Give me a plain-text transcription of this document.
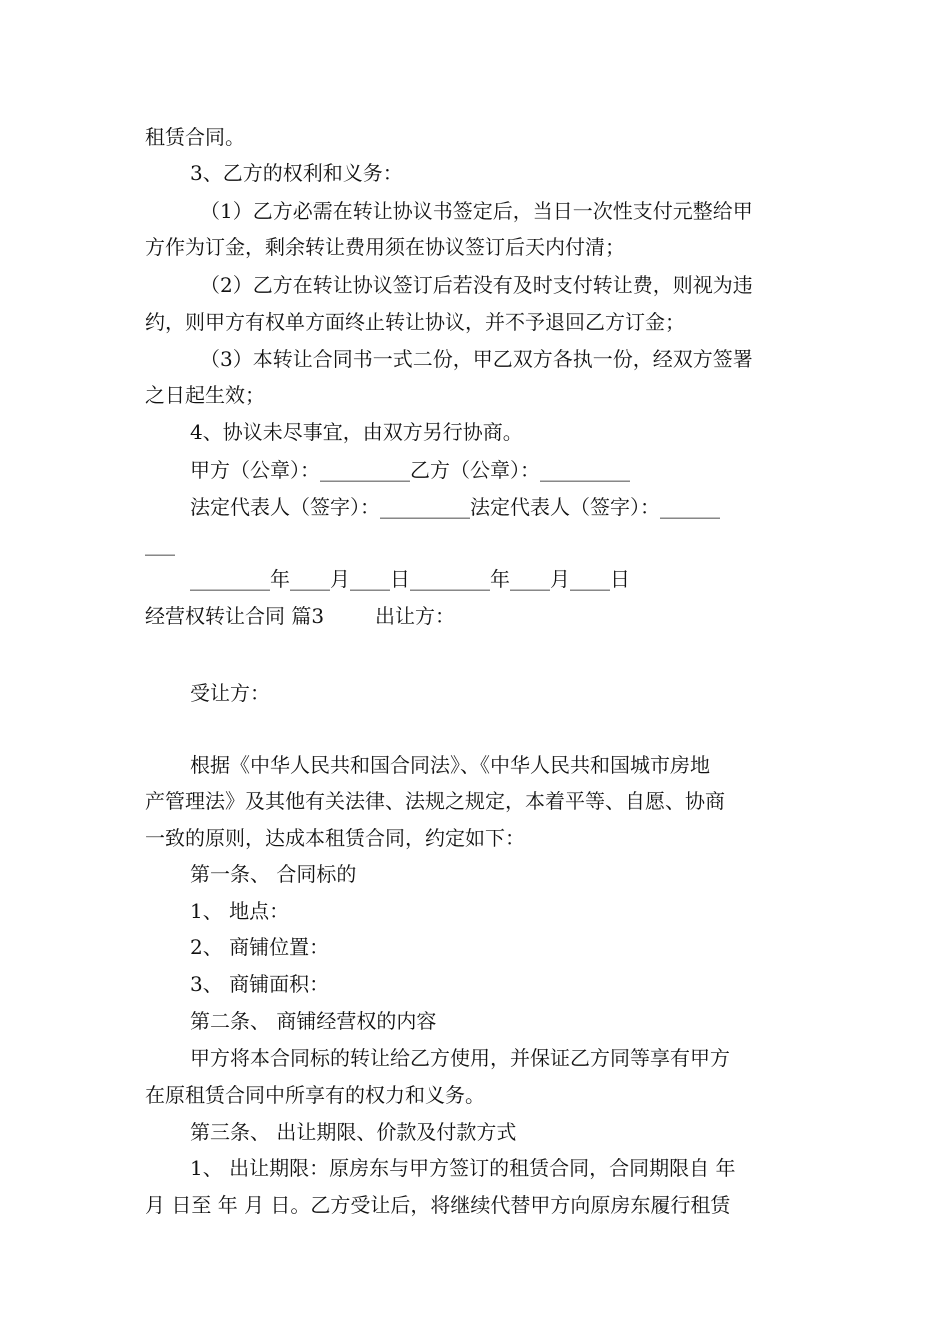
租赁合同。
3、乙方的权利和义务：
（1）乙方必需在转让协议书签定后，当日一次性支付元整给甲
方作为订金，剩余转让费用须在协议签订后天内付清；
（2）乙方在转让协议签订后若没有及时支付转让费，则视为违
约，则甲方有权单方面终止转让协议，并不予退回乙方订金；
（3）本转让合同书一式二份，甲乙双方各执一份，经双方签署
之日起生效；
4、协议未尽事宜，由双方另行协商。
甲方（公章）：_________乙方（公章）：_________
法定代表人（签字）：_________法定代表人（签字）：______
___
________年____月____日________年____月____日
经营权转让合同 篇3        出让方：
受让方：
根据《中华人民共和国合同法》、《中华人民共和国城市房地
产管理法》及其他有关法律、法规之规定，本着平等、自愿、协商
一致的原则，达成本租赁合同，约定如下：
第一条、 合同标的
1、 地点：
2、 商铺位置：
3、 商铺面积：
第二条、 商铺经营权的内容
甲方将本合同标的转让给乙方使用，并保证乙方同等享有甲方
在原租赁合同中所享有的权力和义务。
第三条、 出让期限、价款及付款方式
1、 出让期限：原房东与甲方签订的租赁合同，合同期限自 年
月 日至 年 月 日。乙方受让后，将继续代替甲方向原房东履行租赁
